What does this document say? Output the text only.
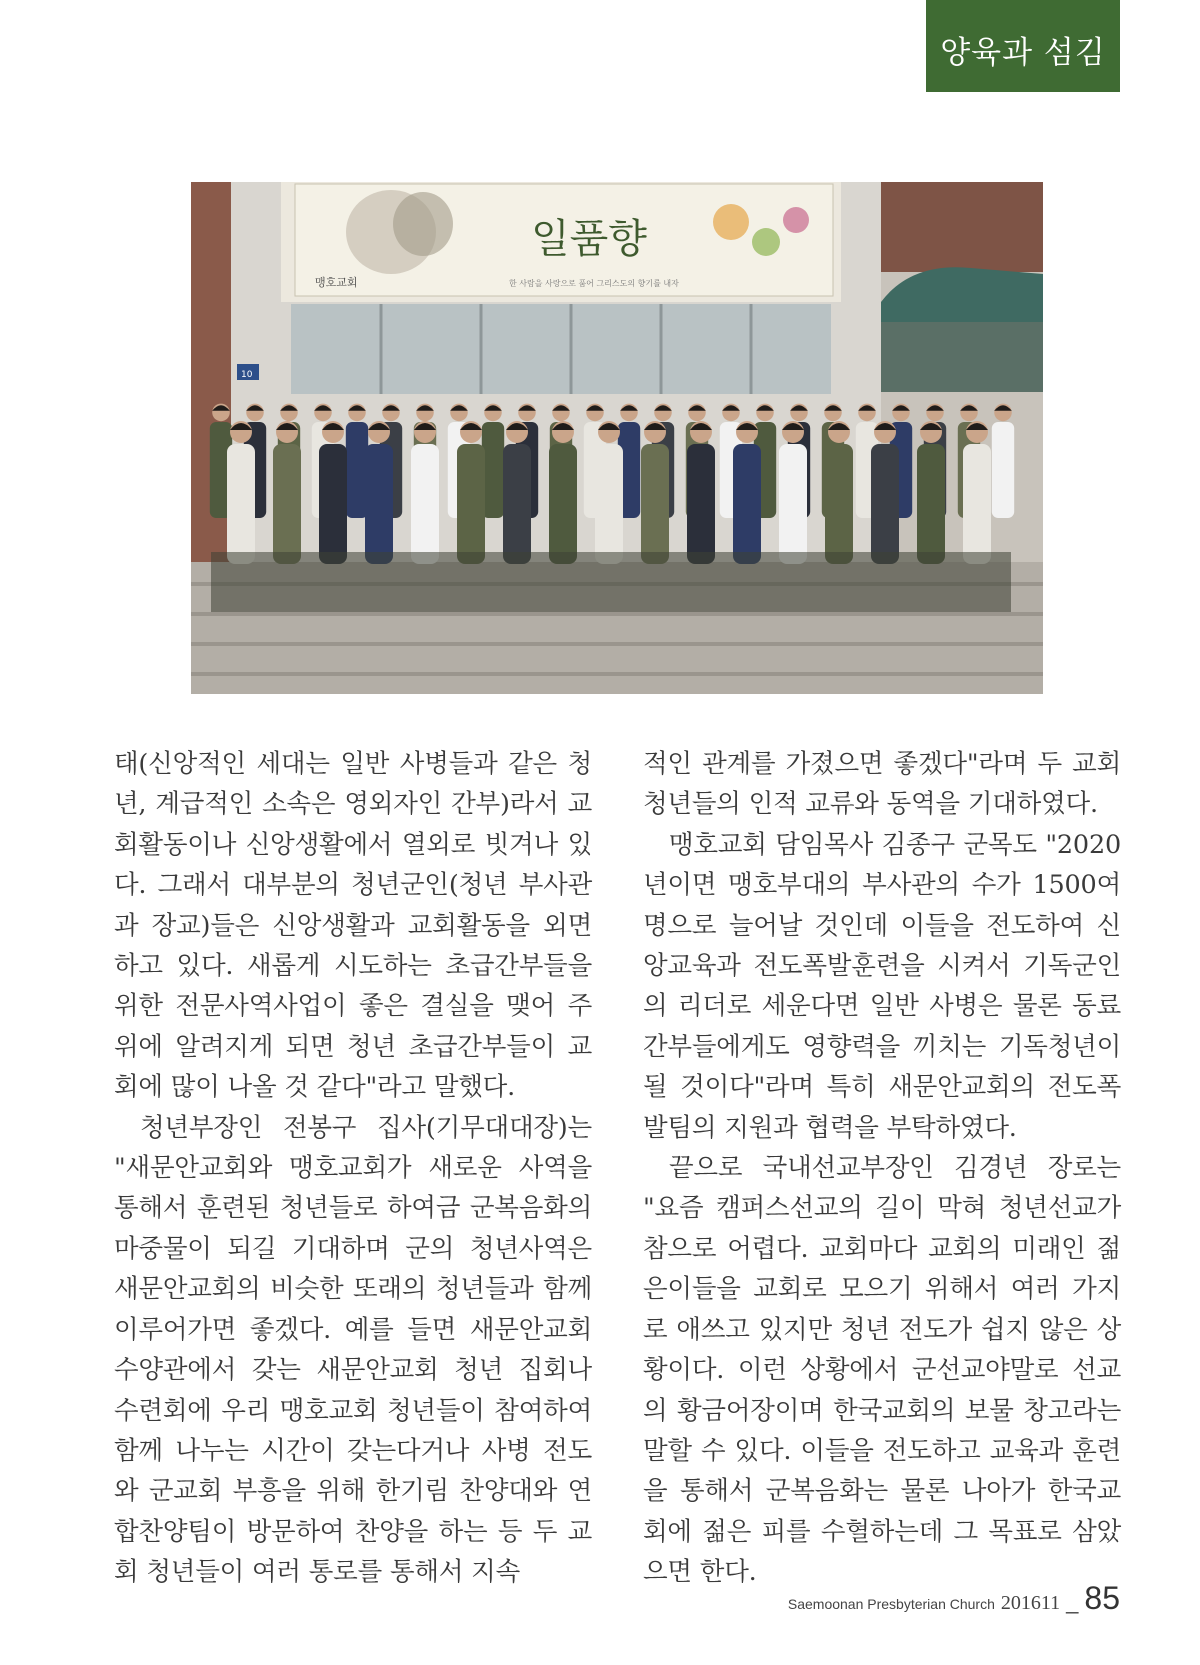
양육과 섬김
일품향
맹호교회	한 사람을 사랑으로 품어 그리스도의 향기를 내자
10

태(신앙적인 세대는 일반 사병들과 같은 청년, 계급적인 소속은 영외자인 간부)라서 교회활동이나 신앙생활에서 열외로 빗겨나 있다. 그래서 대부분의 청년군인(청년 부사관과 장교)들은 신앙생활과 교회활동을 외면하고 있다. 새롭게 시도하는 초급간부들을 위한 전문사역사업이 좋은 결실을 맺어 주위에 알려지게 되면 청년 초급간부들이 교회에 많이 나올 것 같다"라고 말했다.

청년부장인 전봉구 집사(기무대대장)는 "새문안교회와 맹호교회가 새로운 사역을 통해서 훈련된 청년들로 하여금 군복음화의 마중물이 되길 기대하며 군의 청년사역은 새문안교회의 비슷한 또래의 청년들과 함께 이루어가면 좋겠다. 예를 들면 새문안교회 수양관에서 갖는 새문안교회 청년 집회나 수련회에 우리 맹호교회 청년들이 참여하여 함께 나누는 시간이 갖는다거나 사병 전도와 군교회 부흥을 위해 한기림 찬양대와 연합찬양팀이 방문하여 찬양을 하는 등 두 교회 청년들이 여러 통로를 통해서 지속

적인 관계를 가졌으면 좋겠다"라며 두 교회 청년들의 인적 교류와 동역을 기대하였다.

맹호교회 담임목사 김종구 군목도 "2020년이면 맹호부대의 부사관의 수가 1500여 명으로 늘어날 것인데 이들을 전도하여 신앙교육과 전도폭발훈련을 시켜서 기독군인의 리더로 세운다면 일반 사병은 물론 동료 간부들에게도 영향력을 끼치는 기독청년이 될 것이다"라며 특히 새문안교회의 전도폭발팀의 지원과 협력을 부탁하였다.

끝으로 국내선교부장인 김경년 장로는 "요즘 캠퍼스선교의 길이 막혀 청년선교가 참으로 어렵다. 교회마다 교회의 미래인 젊은이들을 교회로 모으기 위해서 여러 가지로 애쓰고 있지만 청년 전도가 쉽지 않은 상황이다. 이런 상황에서 군선교야말로 선교의 황금어장이며 한국교회의 보물 창고라는 말할 수 있다. 이들을 전도하고 교육과 훈련을 통해서 군복음화는 물론 나아가 한국교회에 젊은 피를 수혈하는데 그 목표로 삼았으면 한다.

Saemoonan Presbyterian Church 201611 _ 85
